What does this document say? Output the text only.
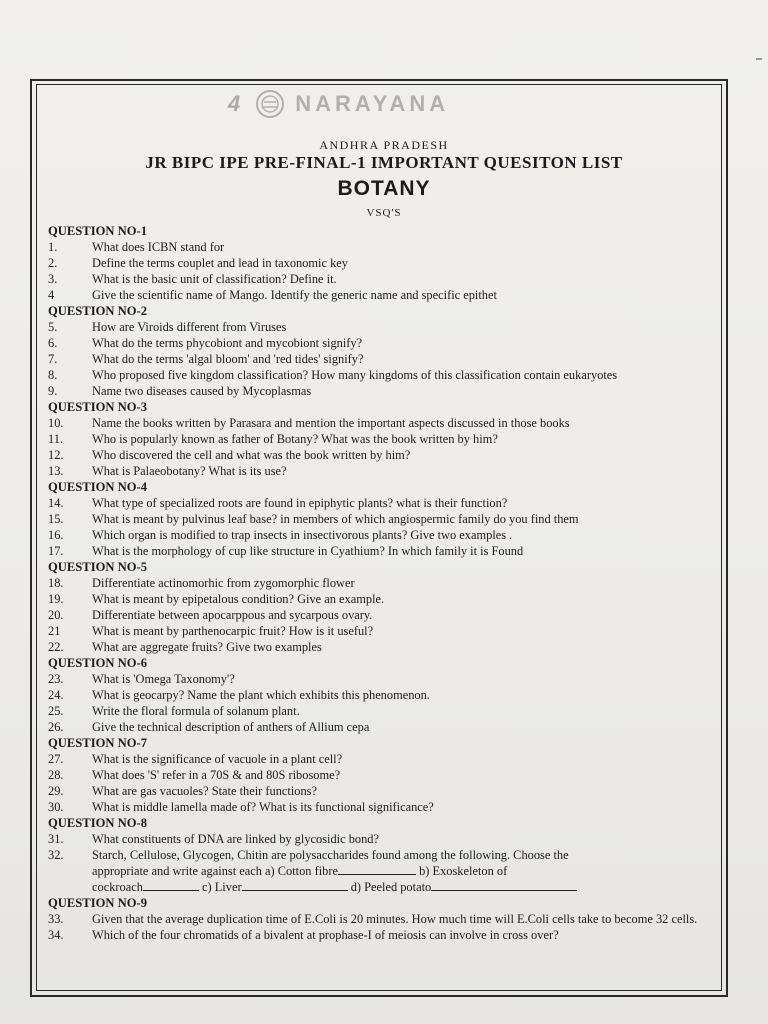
4	NARAYANA
ANDHRA PRADESH
JR BIPC IPE PRE-FINAL-1 IMPORTANT QUESITON LIST
BOTANY
VSQ'S
QUESTION NO-1
1.	What does ICBN stand for
2.	Define the terms couplet and lead in taxonomic key
3.	What is the basic unit of classification? Define it.
4	Give the scientific name of Mango. Identify the generic name and specific epithet
QUESTION NO-2
5.	How are Viroids different from Viruses
6.	What do the terms phycobiont and mycobiont signify?
7.	What do the terms 'algal bloom' and 'red tides' signify?
8.	Who proposed five kingdom classification? How many kingdoms of this classification contain eukaryotes
9.	Name two diseases caused by Mycoplasmas
QUESTION NO-3
10.	Name the books written by Parasara and mention the important aspects discussed in those books
11.	Who is popularly known as father of Botany? What was the book written by him?
12.	Who discovered the cell and what was the book written by him?
13.	What is Palaeobotany? What is its use?
QUESTION NO-4
14.	What type of specialized roots are found in epiphytic plants? what is their function?
15.	What is meant by pulvinus leaf base? in members of which angiospermic family do you find them
16.	Which organ is modified to trap insects in insectivorous plants? Give two examples .
17.	What is the morphology of cup like structure in Cyathium? In which family it is Found
QUESTION NO-5
18.	Differentiate actinomorhic from zygomorphic flower
19.	What is meant by epipetalous condition? Give an example.
20.	Differentiate between apocarppous and sycarpous ovary.
21	What is meant by parthenocarpic fruit? How is it useful?
22.	What are aggregate fruits? Give two examples
QUESTION NO-6
23.	What is 'Omega Taxonomy'?
24.	What is geocarpy? Name the plant which exhibits this phenomenon.
25.	Write the floral formula of solanum plant.
26.	Give the technical description of anthers of Allium cepa
QUESTION NO-7
27.	What is the significance of vacuole in a plant cell?
28.	What does 'S' refer in a 70S & and 80S ribosome?
29.	What are gas vacuoles? State their functions?
30.	What is middle lamella made of? What is its functional significance?
QUESTION NO-8
31.	What constituents of DNA are linked by glycosidic bond?
32.	Starch, Cellulose, Glycogen, Chitin are polysaccharides found among the following. Choose the
appropriate and write against each a) Cotton fibre	b) Exoskeleton of
cockroach	c) Liver	d) Peeled potato
QUESTION NO-9
33.	Given that the average duplication time of E.Coli is 20 minutes. How much time will E.Coli cells take to become 32 cells.
34.	Which of the four chromatids of a bivalent at prophase-I of meiosis can involve in cross over?
